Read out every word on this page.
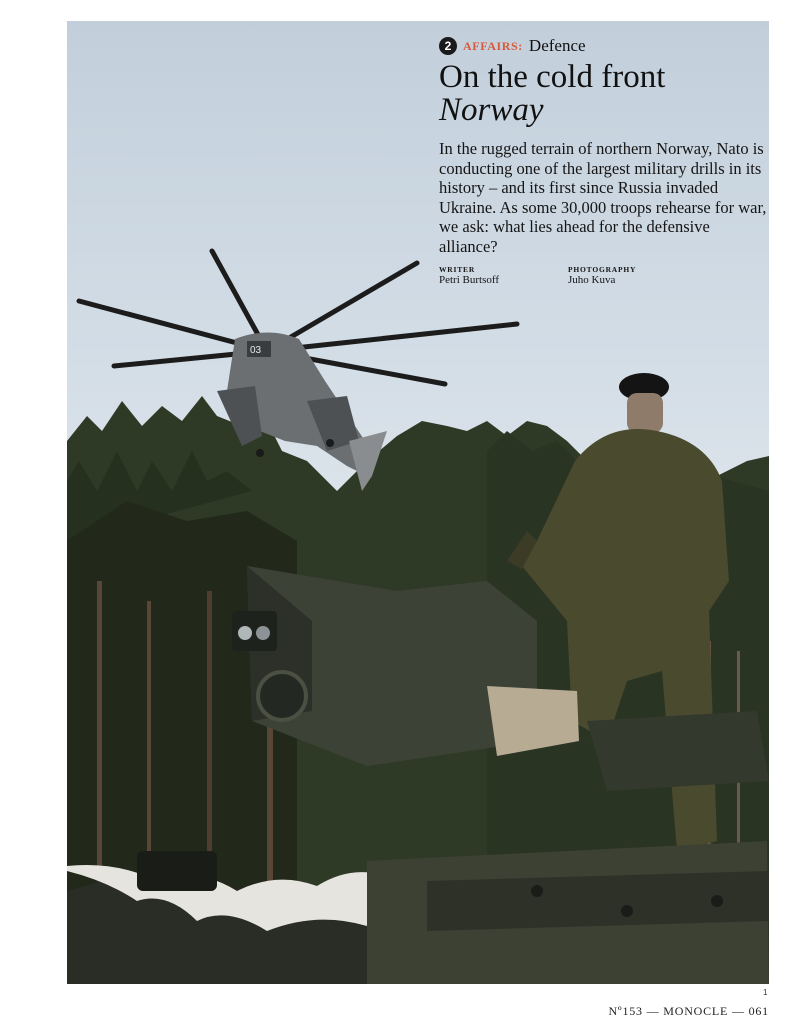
03
2 AFFAIRS: Defence
On the cold front
Norway

In the rugged terrain of northern Norway, Nato is conducting one of the largest military drills in its history – and its first since Russia invaded Ukraine. As some 30,000 troops rehearse for war, we ask: what lies ahead for the defensive alliance?

WRITER
Petri Burtsoff
PHOTOGRAPHY
Juho Kuva
1
Nº153 — MONOCLE — 061
